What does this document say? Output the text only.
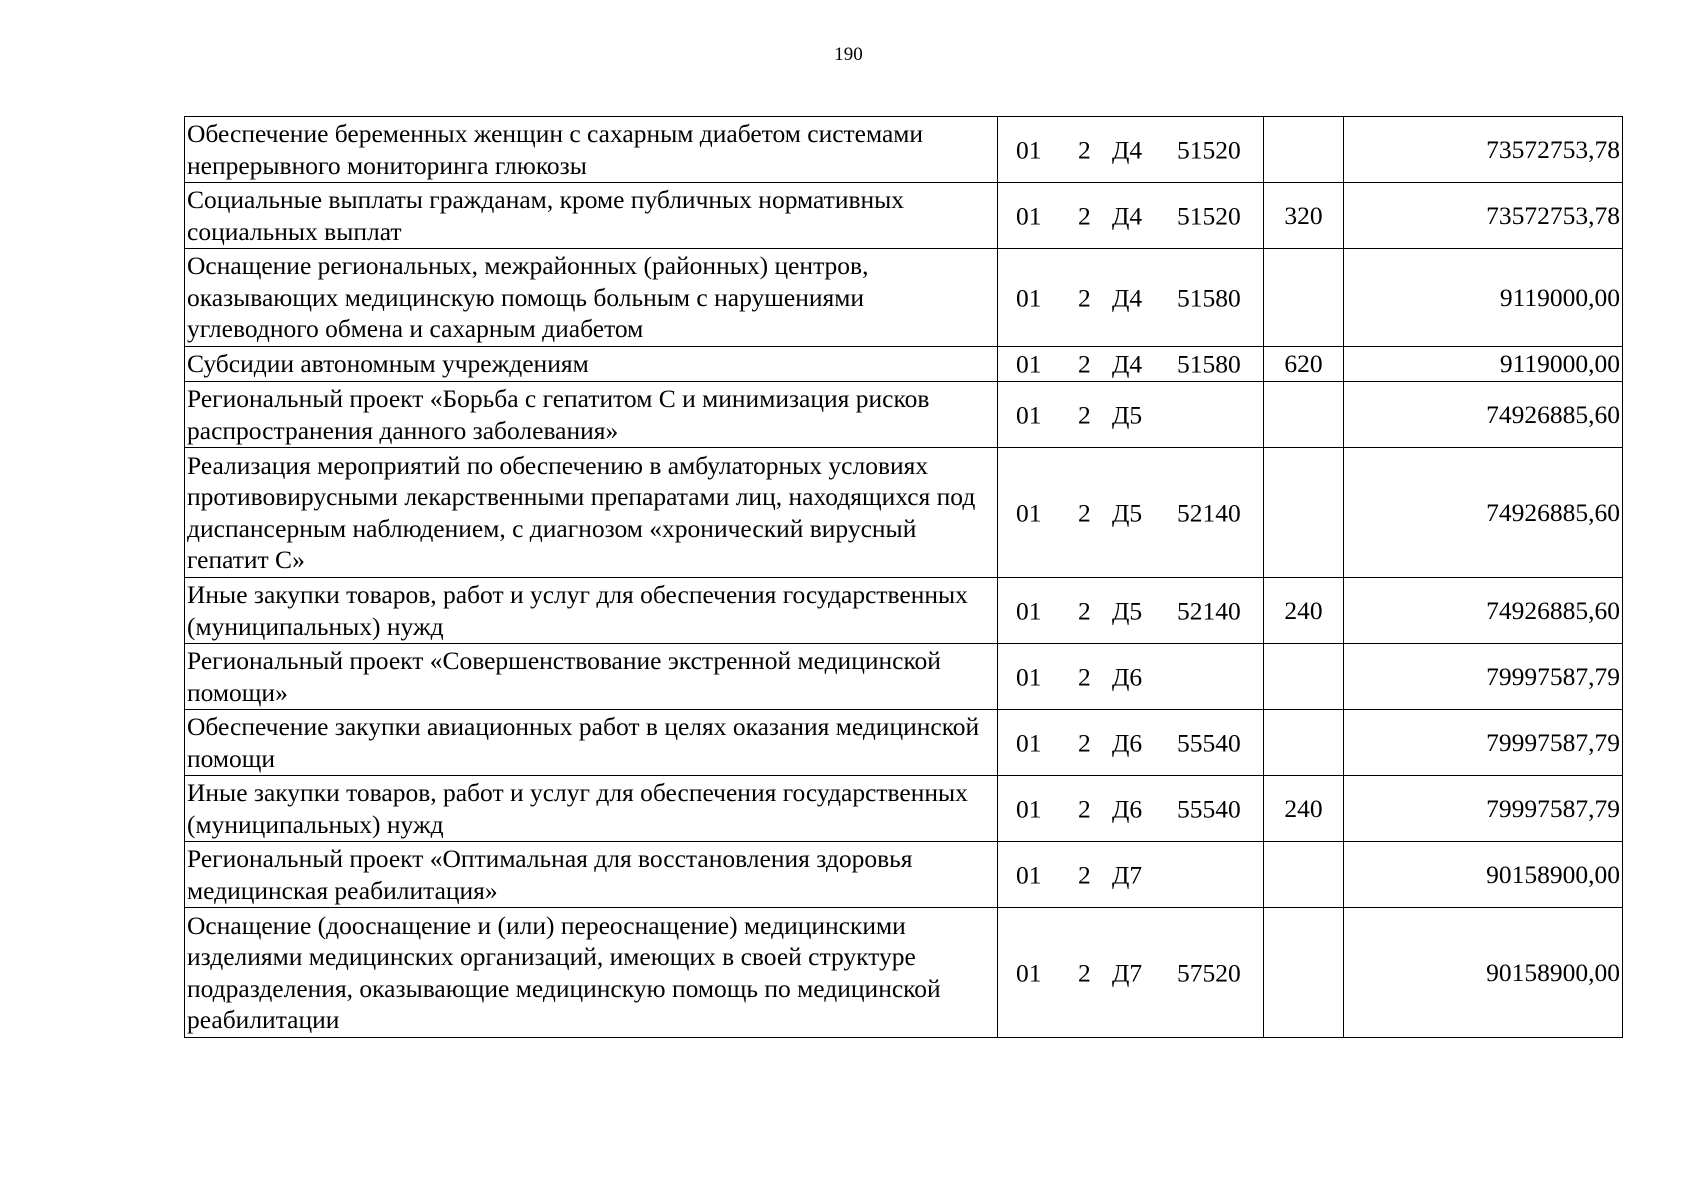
190
Обеспечение беременных женщин с сахарным диабетом системами непрерывного мониторинга глюкозы	01 2 Д4 51520		73572753,78
Социальные выплаты гражданам, кроме публичных нормативных социальных выплат	01 2 Д4 51520	320	73572753,78
Оснащение региональных, межрайонных (районных) центров, оказывающих медицинскую помощь больным с нарушениями углеводного обмена и сахарным диабетом	01 2 Д4 51580		9119000,00
Субсидии автономным учреждениям	01 2 Д4 51580	620	9119000,00
Региональный проект «Борьба с гепатитом С и минимизация рисков распространения данного заболевания»	01 2 Д5		74926885,60
Реализация мероприятий по обеспечению в амбулаторных условиях противовирусными лекарственными препаратами лиц, находящихся под диспансерным наблюдением, с диагнозом «хронический вирусный гепатит С»	01 2 Д5 52140		74926885,60
Иные закупки товаров, работ и услуг для обеспечения государственных (муниципальных) нужд	01 2 Д5 52140	240	74926885,60
Региональный проект «Совершенствование экстренной медицинской помощи»	01 2 Д6		79997587,79
Обеспечение закупки авиационных работ в целях оказания медицинской помощи	01 2 Д6 55540		79997587,79
Иные закупки товаров, работ и услуг для обеспечения государственных (муниципальных) нужд	01 2 Д6 55540	240	79997587,79
Региональный проект «Оптимальная для восстановления здоровья медицинская реабилитация»	01 2 Д7		90158900,00
Оснащение (дооснащение и (или) переоснащение) медицинскими изделиями медицинских организаций, имеющих в своей структуре подразделения, оказывающие медицинскую помощь по медицинской реабилитации	01 2 Д7 57520		90158900,00
